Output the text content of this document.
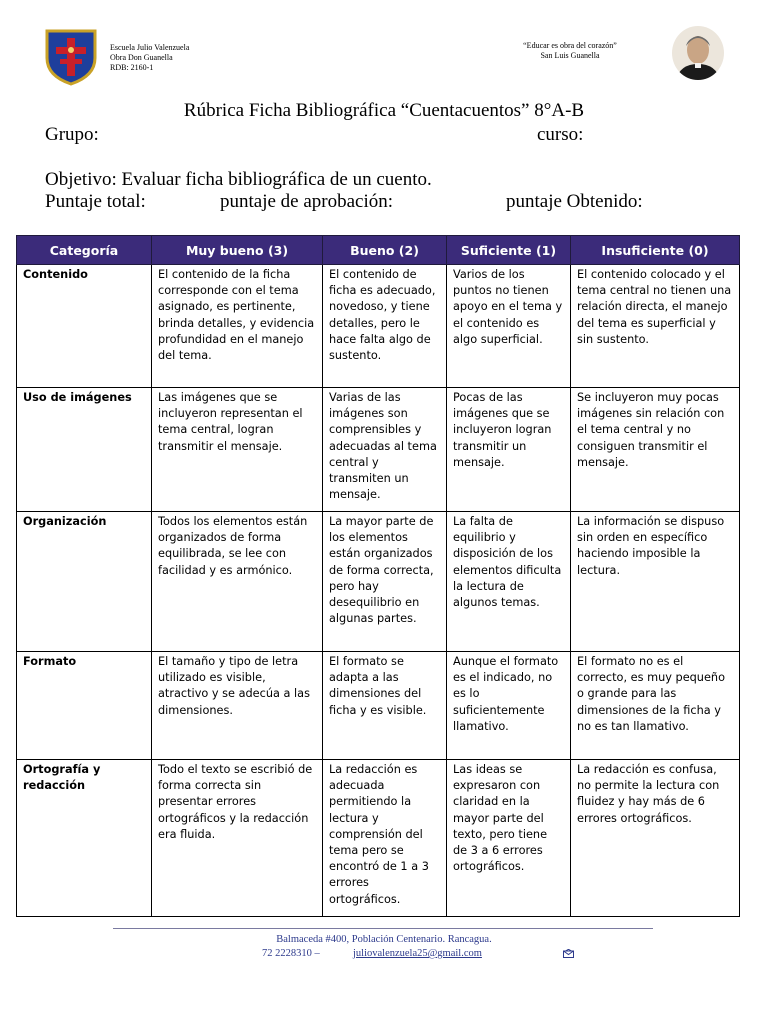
Escuela Julio Valenzuela
Obra Don Guanella
RDB: 2160-1
“Educar es obra del corazón”
San Luis Guanella
Rúbrica Ficha Bibliográfica “Cuentacuentos” 8°A-B
Grupo:	curso:
Objetivo: Evaluar ficha bibliográfica de un cuento.
Puntaje total:	puntaje de aprobación:	puntaje Obtenido:
Categoría	Muy bueno (3)	Bueno (2)	Suficiente (1)	Insuficiente (0)
Contenido	El contenido de la ficha corresponde con el tema asignado, es pertinente, brinda detalles, y evidencia profundidad en el manejo del tema.	El contenido de ficha es adecuado, novedoso, y tiene detalles, pero le hace falta algo de sustento.	Varios de los puntos no tienen apoyo en el tema y el contenido es algo superficial.	El contenido colocado y el tema central no tienen una relación directa, el manejo del tema es superficial y sin sustento.
Uso de imágenes	Las imágenes que se incluyeron representan el tema central, logran transmitir el mensaje.	Varias de las imágenes son comprensibles y adecuadas al tema central y transmiten un mensaje.	Pocas de las imágenes que se incluyeron logran transmitir un mensaje.	Se incluyeron muy pocas imágenes sin relación con el tema central y no consiguen transmitir el mensaje.
Organización	Todos los elementos están organizados de forma equilibrada, se lee con facilidad y es armónico.	La mayor parte de los elementos están organizados de forma correcta, pero hay desequilibrio en algunas partes.	La falta de equilibrio y disposición de los elementos dificulta la lectura de algunos temas.	La información se dispuso sin orden en específico haciendo imposible la lectura.
Formato	El tamaño y tipo de letra utilizado es visible, atractivo y se adecúa a las dimensiones.	El formato se adapta a las dimensiones del ficha y es visible.	Aunque el formato es el indicado, no es lo suficientemente llamativo.	El formato no es el correcto, es muy pequeño o grande para las dimensiones de la ficha y no es tan llamativo.
Ortografía y redacción	Todo el texto se escribió de forma correcta sin presentar errores ortográficos y la redacción era fluida.	La redacción es adecuada permitiendo la lectura y comprensión del tema pero se encontró de 1 a 3 errores ortográficos.	Las ideas se expresaron con claridad en la mayor parte del texto, pero tiene de 3 a 6 errores ortográficos.	La redacción es confusa, no permite la lectura con fluidez y hay más de 6 errores ortográficos.
Balmaceda #400, Población Centenario. Rancagua.
72 2228310 –	juliovalenzuela25@gmail.com
